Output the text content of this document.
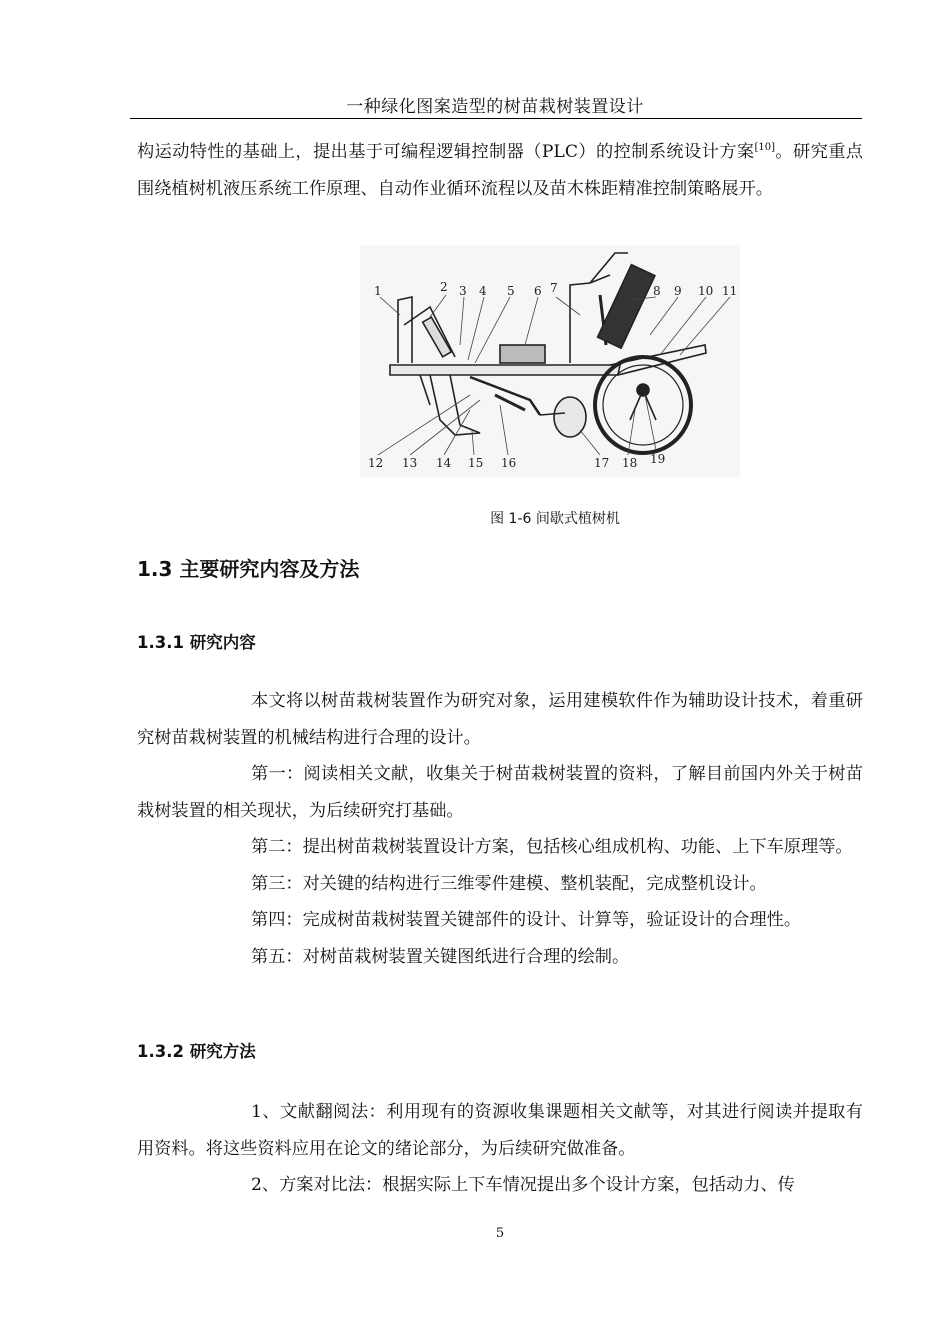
一种绿化图案造型的树苗栽树装置设计

构运动特性的基础上，提出基于可编程逻辑控制器（PLC）的控制系统设计方案[10]。研究重点围绕植树机液压系统工作原理、自动作业循环流程以及苗木株距精准控制策略展开。

1	2 3 4 5 6 7	8 9 10 11
12 13 14 15 16	17 18 19
图 1-6 间歇式植树机
1.3 主要研究内容及方法
1.3.1 研究内容

本文将以树苗栽树装置作为研究对象，运用建模软件作为辅助设计技术，着重研究树苗栽树装置的机械结构进行合理的设计。

第一：阅读相关文献，收集关于树苗栽树装置的资料，了解目前国内外关于树苗栽树装置的相关现状，为后续研究打基础。

第二：提出树苗栽树装置设计方案，包括核心组成机构、功能、上下车原理等。

第三：对关键的结构进行三维零件建模、整机装配，完成整机设计。

第四：完成树苗栽树装置关键部件的设计、计算等，验证设计的合理性。

第五：对树苗栽树装置关键图纸进行合理的绘制。

1.3.2 研究方法

1、文献翻阅法：利用现有的资源收集课题相关文献等，对其进行阅读并提取有用资料。将这些资料应用在论文的绪论部分，为后续研究做准备。

2、方案对比法：根据实际上下车情况提出多个设计方案，包括动力、传

5
